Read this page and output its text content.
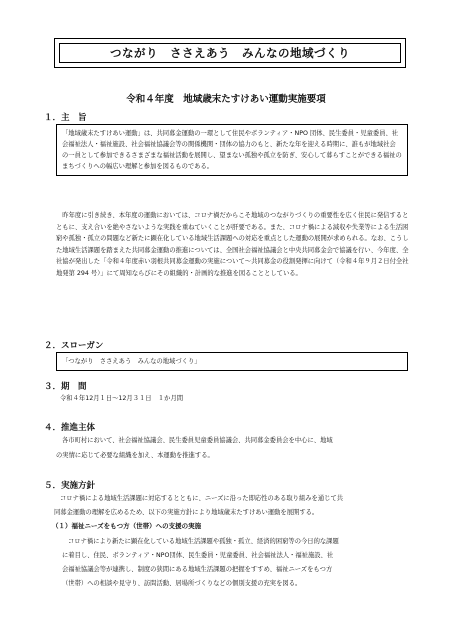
つながり　ささえあう　みんなの地域づくり
令和４年度　地域歳末たすけあい運動実施要項
１．主　旨
「地域歳末たすけあい運動」は、共同募金運動の一環として住民やボランティア・NPO 団体、民生委員・児童委員、社会福祉法人・福祉施設、社会福祉協議会等の関係機関・団体の協力のもと、新たな年を迎える時期に、誰もが地域社会の一員として参加できるさまざまな福祉活動を展開し、望まない孤独や孤立を防ぎ、安心して暮らすことができる福祉のまちづくりへの幅広い理解と参加を図るものである。
昨年度に引き続き、本年度の運動においては、コロナ禍だからこそ地域のつながりづくりの重要性を広く住民に発信するとともに、支え合いを絶やさないような実践を重ねていくことが肝要である。また、コロナ禍による減収や失業等による生活困窮や孤独・孤立の問題など新たに顕在化している地域生活課題への対応を重点とした運動の展開が求められる。なお、こうした地域生活課題を踏まえた共同募金運動の推進については、全国社会福祉協議会と中央共同募金会で協議を行い、今年度、全社協が発出した「令和４年度赤い羽根共同募金運動の実施について〜共同募金の役割発揮に向けて（令和４年９月２日付全社地発第 294 号）」にて周知ならびにその組織的・計画的な推進を図ることとしている。
２．スローガン
「つながり　ささえあう　みんなの地域づくり」
３．期　間
令和４年12月１日〜12月３１日　１か月間
４．推進主体
各市町村において、社会福祉協議会、民生委員児童委員協議会、共同募金委員会を中心に、地域
の実情に応じて必要な組織を加え、本運動を推進する。
５．実施方針
コロナ禍による地域生活課題に対応するとともに、ニーズに沿った即応性のある取り組みを通じて共
同募金運動の理解を広めるため、以下の実施方針により地域歳末たすけあい運動を展開する。
（１）福祉ニーズをもつ方（世帯）への支援の実施
コロナ禍により新たに顕在化している地域生活課題や孤独・孤立、経済的困窮等の今日的な課題
に着目し、住民、ボランティア・NPO団体、民生委員・児童委員、社会福祉法人・福祉施設、社
会福祉協議会等が連携し、制度の狭間にある地域生活課題の把握をすすめ、福祉ニーズをもつ方
（世帯）への相談や見守り、訪問活動、居場所づくりなどの個別支援の充実を図る。
